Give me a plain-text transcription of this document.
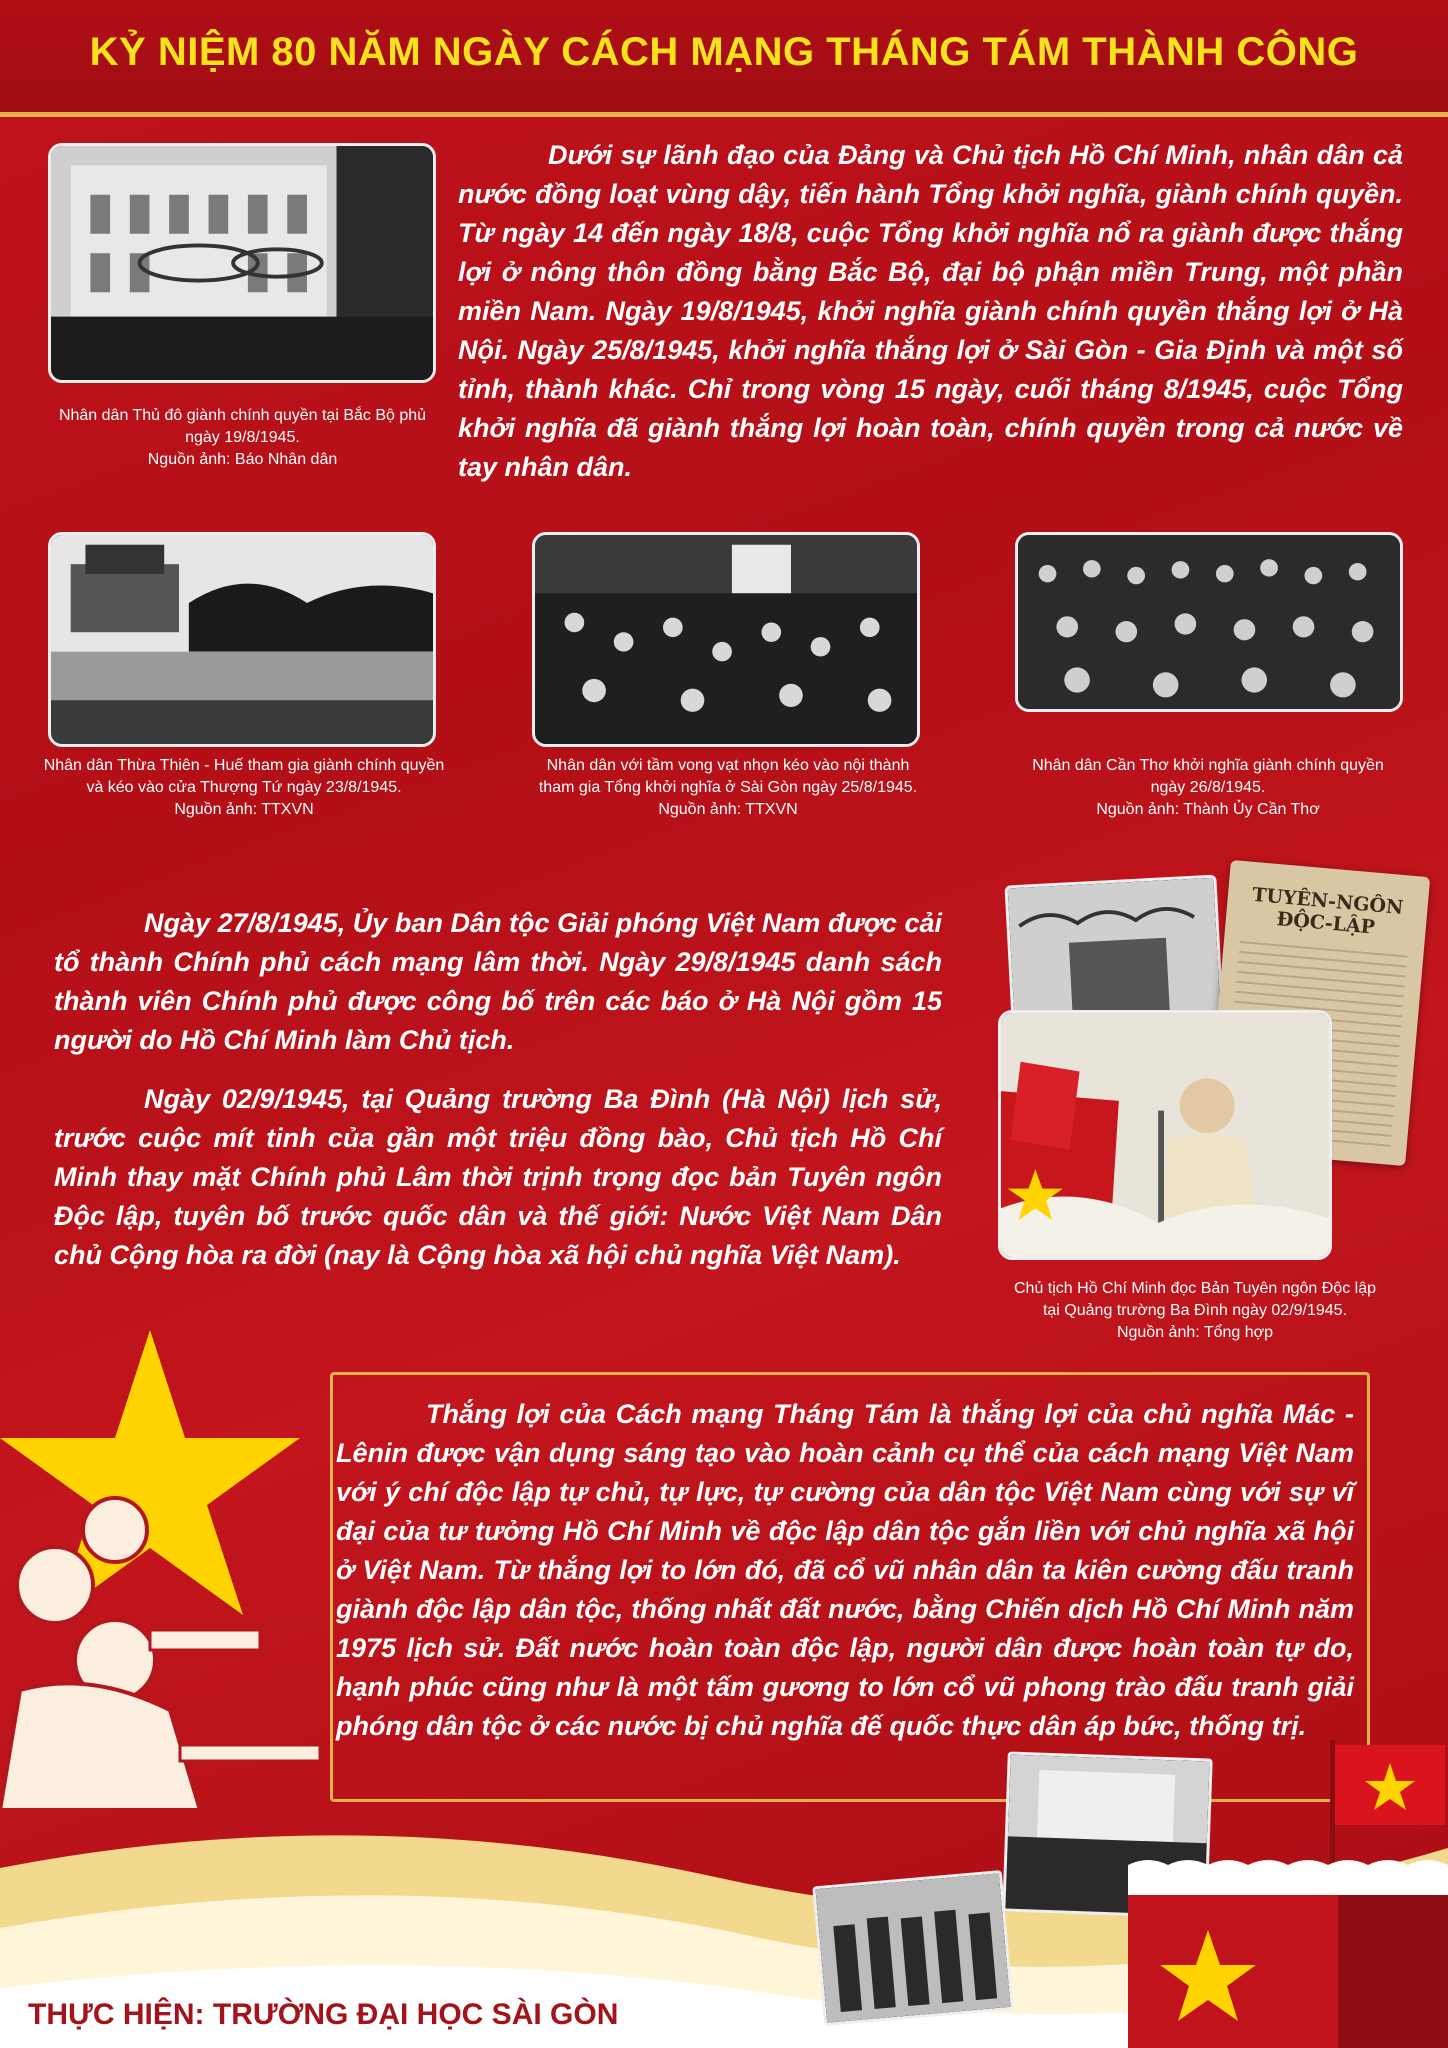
KỶ NIỆM 80 NĂM NGÀY CÁCH MẠNG THÁNG TÁM THÀNH CÔNG
Nhân dân Thủ đô giành chính quyền tại Bắc Bộ phủ
ngày 19/8/1945.
Nguồn ảnh: Báo Nhân dân

Dưới sự lãnh đạo của Đảng và Chủ tịch Hồ Chí Minh, nhân dân cả nước đồng loạt vùng dậy, tiến hành Tổng khởi nghĩa, giành chính quyền. Từ ngày 14 đến ngày 18/8, cuộc Tổng khởi nghĩa nổ ra giành được thắng lợi ở nông thôn đồng bằng Bắc Bộ, đại bộ phận miền Trung, một phần miền Nam. Ngày 19/8/1945, khởi nghĩa giành chính quyền thắng lợi ở Hà Nội. Ngày 25/8/1945, khởi nghĩa thắng lợi ở Sài Gòn - Gia Định và một số tỉnh, thành khác. Chỉ trong vòng 15 ngày, cuối tháng 8/1945, cuộc Tổng khởi nghĩa đã giành thắng lợi hoàn toàn, chính quyền trong cả nước về tay nhân dân.

Nhân dân Thừa Thiên - Huế tham gia giành chính quyền
và kéo vào cửa Thượng Tứ ngày 23/8/1945.
Nguồn ảnh: TTXVN
Nhân dân với tầm vong vạt nhọn kéo vào nội thành
tham gia Tổng khởi nghĩa ở Sài Gòn ngày 25/8/1945.
Nguồn ảnh: TTXVN
Nhân dân Cần Thơ khởi nghĩa giành chính quyền
ngày 26/8/1945.
Nguồn ảnh: Thành Ủy Cần Thơ

Ngày 27/8/1945, Ủy ban Dân tộc Giải phóng Việt Nam được cải tổ thành Chính phủ cách mạng lâm thời. Ngày 29/8/1945 danh sách thành viên Chính phủ được công bố trên các báo ở Hà Nội gồm 15 người do Hồ Chí Minh làm Chủ tịch.

Ngày 02/9/1945, tại Quảng trường Ba Đình (Hà Nội) lịch sử, trước cuộc mít tinh của gần một triệu đồng bào, Chủ tịch Hồ Chí Minh thay mặt Chính phủ Lâm thời trịnh trọng đọc bản Tuyên ngôn Độc lập, tuyên bố trước quốc dân và thế giới: Nước Việt Nam Dân chủ Cộng hòa ra đời (nay là Cộng hòa xã hội chủ nghĩa Việt Nam).

TUYÊN-NGÔN ĐỘC-LẬP
Chủ tịch Hồ Chí Minh đọc Bản Tuyên ngôn Độc lập
tại Quảng trường Ba Đình ngày 02/9/1945.
Nguồn ảnh: Tổng hợp

Thắng lợi của Cách mạng Tháng Tám là thắng lợi của chủ nghĩa Mác - Lênin được vận dụng sáng tạo vào hoàn cảnh cụ thể của cách mạng Việt Nam với ý chí độc lập tự chủ, tự lực, tự cường của dân tộc Việt Nam cùng với sự vĩ đại của tư tưởng Hồ Chí Minh về độc lập dân tộc gắn liền với chủ nghĩa xã hội ở Việt Nam. Từ thắng lợi to lớn đó, đã cổ vũ nhân dân ta kiên cường đấu tranh giành độc lập dân tộc, thống nhất đất nước, bằng Chiến dịch Hồ Chí Minh năm 1975 lịch sử. Đất nước hoàn toàn độc lập, người dân được hoàn toàn tự do, hạnh phúc cũng như là một tấm gương to lớn cổ vũ phong trào đấu tranh giải phóng dân tộc ở các nước bị chủ nghĩa đế quốc thực dân áp bức, thống trị.

THỰC HIỆN: TRƯỜNG ĐẠI HỌC SÀI GÒN
